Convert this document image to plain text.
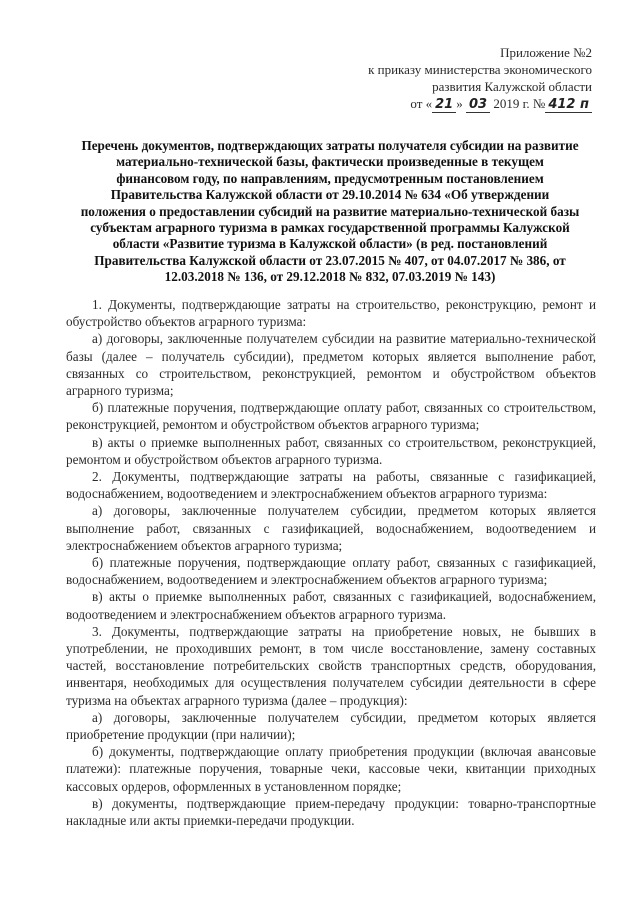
Приложение №2
к приказу министерства экономического
развития Калужской области
от « 21 » 03 2019 г. № 412 п
Перечень документов, подтверждающих затраты получателя субсидии на развитие материально-технической базы, фактически произведенные в текущем финансовом году, по направлениям, предусмотренным постановлением Правительства Калужской области от 29.10.2014 № 634 «Об утверждении положения о предоставлении субсидий на развитие материально-технической базы субъектам аграрного туризма в рамках государственной программы Калужской области «Развитие туризма в Калужской области» (в ред. постановлений Правительства Калужской области от 23.07.2015 № 407, от 04.07.2017 № 386, от 12.03.2018 № 136, от 29.12.2018 № 832, 07.03.2019 № 143)

1. Документы, подтверждающие затраты на строительство, реконструкцию, ремонт и обустройство объектов аграрного туризма:

а) договоры, заключенные получателем субсидии на развитие материально-технической базы (далее – получатель субсидии), предметом которых является выполнение работ, связанных со строительством, реконструкцией, ремонтом и обустройством объектов аграрного туризма;

б) платежные поручения, подтверждающие оплату работ, связанных со строительством, реконструкцией, ремонтом и обустройством объектов аграрного туризма;

в) акты о приемке выполненных работ, связанных со строительством, реконструкцией, ремонтом и обустройством объектов аграрного туризма.

2. Документы, подтверждающие затраты на работы, связанные с газификацией, водоснабжением, водоотведением и электроснабжением объектов аграрного туризма:

а) договоры, заключенные получателем субсидии, предметом которых является выполнение работ, связанных с газификацией, водоснабжением, водоотведением и электроснабжением объектов аграрного туризма;

б) платежные поручения, подтверждающие оплату работ, связанных с газификацией, водоснабжением, водоотведением и электроснабжением объектов аграрного туризма;

в) акты о приемке выполненных работ, связанных с газификацией, водоснабжением, водоотведением и электроснабжением объектов аграрного туризма.

3. Документы, подтверждающие затраты на приобретение новых, не бывших в употреблении, не проходивших ремонт, в том числе восстановление, замену составных частей, восстановление потребительских свойств транспортных средств, оборудования, инвентаря, необходимых для осуществления получателем субсидии деятельности в сфере туризма на объектах аграрного туризма (далее – продукция):

а) договоры, заключенные получателем субсидии, предметом которых является приобретение продукции (при наличии);

б) документы, подтверждающие оплату приобретения продукции (включая авансовые платежи): платежные поручения, товарные чеки, кассовые чеки, квитанции приходных кассовых ордеров, оформленных в установленном порядке;

в) документы, подтверждающие прием-передачу продукции: товарно-транспортные накладные или акты приемки-передачи продукции.
